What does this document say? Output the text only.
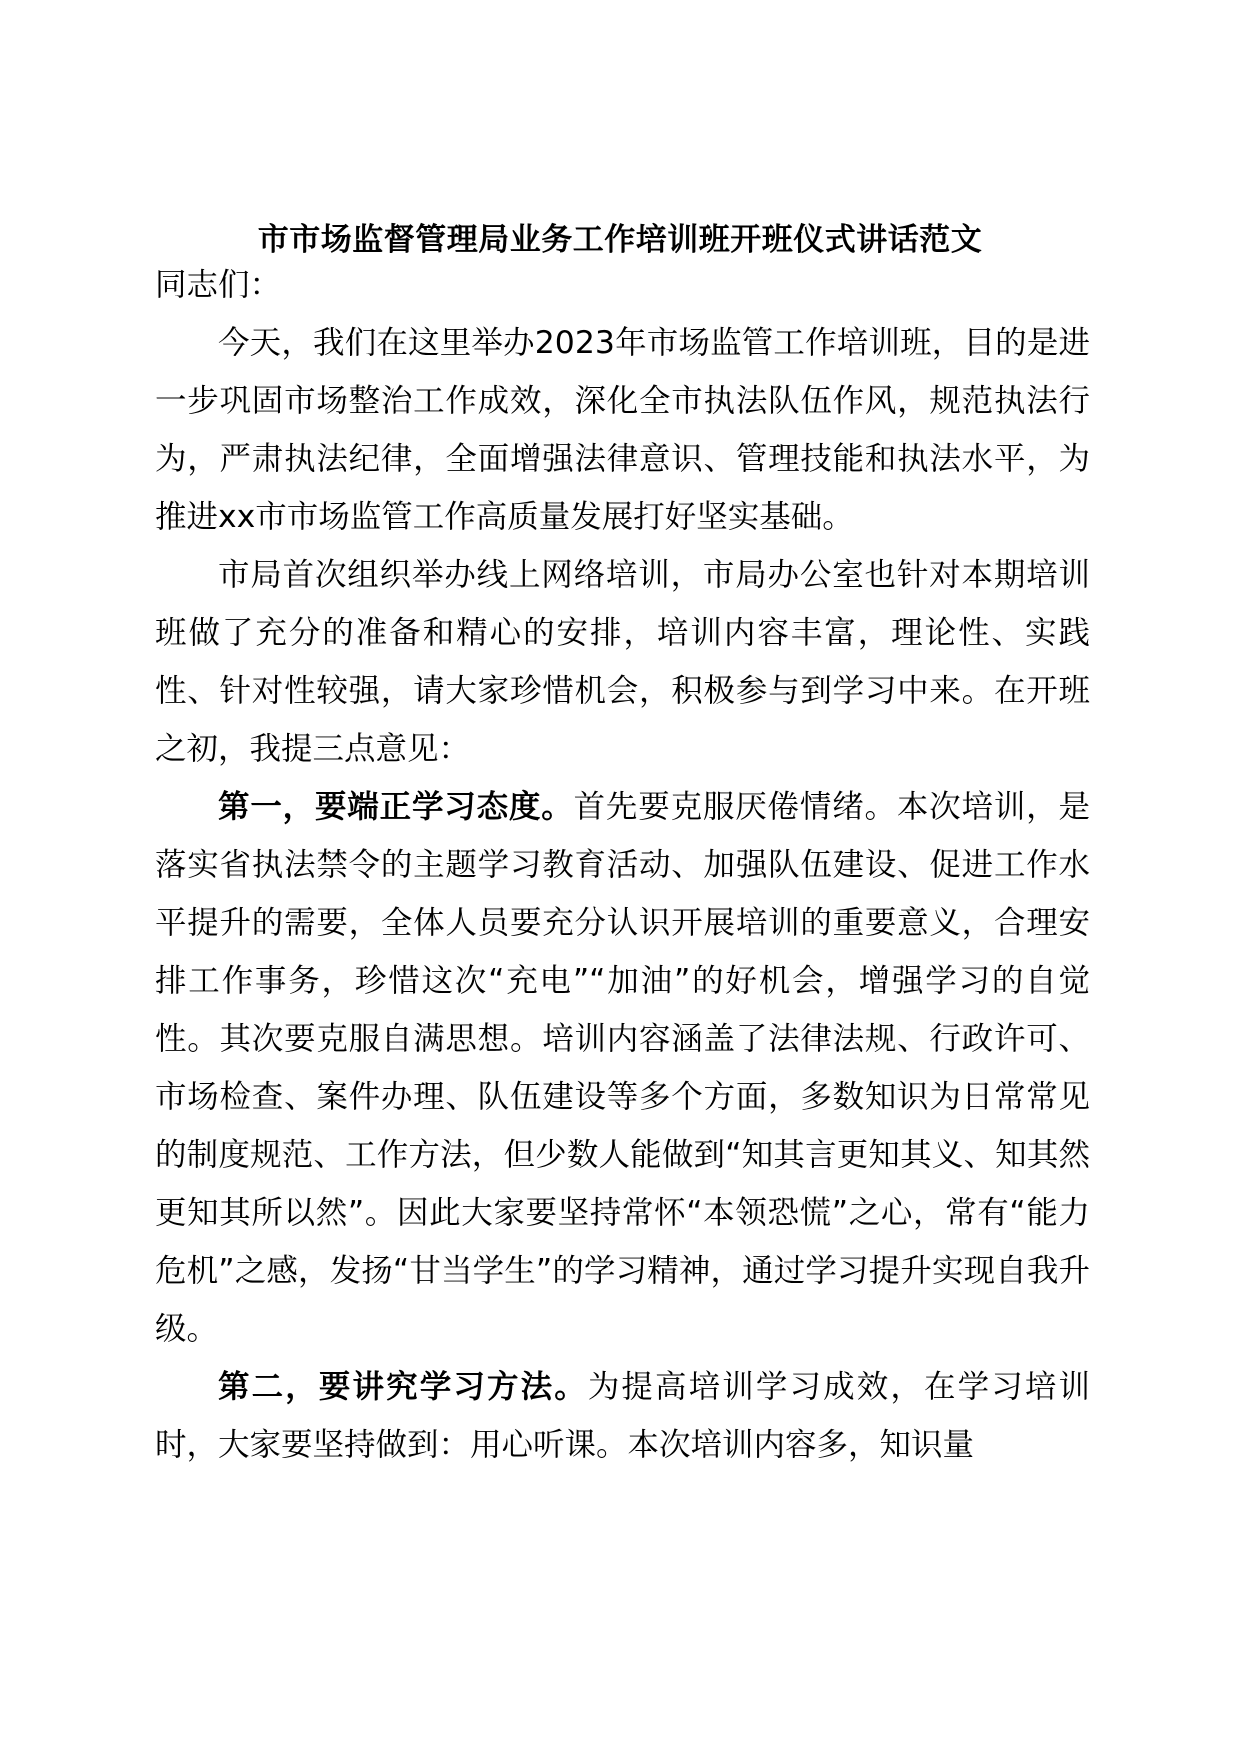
市市场监督管理局业务工作培训班开班仪式讲话范文

同志们：

今天，我们在这里举办2023年市场监管工作培训班，目的是进一步巩固市场整治工作成效，深化全市执法队伍作风，规范执法行为，严肃执法纪律，全面增强法律意识、管理技能和执法水平，为推进xx市市场监管工作高质量发展打好坚实基础。

市局首次组织举办线上网络培训，市局办公室也针对本期培训班做了充分的准备和精心的安排，培训内容丰富，理论性、实践性、针对性较强，请大家珍惜机会，积极参与到学习中来。在开班之初，我提三点意见：

第一，要端正学习态度。首先要克服厌倦情绪。本次培训，是落实省执法禁令的主题学习教育活动、加强队伍建设、促进工作水平提升的需要，全体人员要充分认识开展培训的重要意义，合理安排工作事务，珍惜这次“充电”“加油”的好机会，增强学习的自觉性。其次要克服自满思想。培训内容涵盖了法律法规、行政许可、市场检查、案件办理、队伍建设等多个方面，多数知识为日常常见的制度规范、工作方法，但少数人能做到“知其言更知其义、知其然更知其所以然”。因此大家要坚持常怀“本领恐慌”之心，常有“能力危机”之感，发扬“甘当学生”的学习精神，通过学习提升实现自我升级。

第二，要讲究学习方法。为提高培训学习成效，在学习培训时，大家要坚持做到：用心听课。本次培训内容多，知识量
